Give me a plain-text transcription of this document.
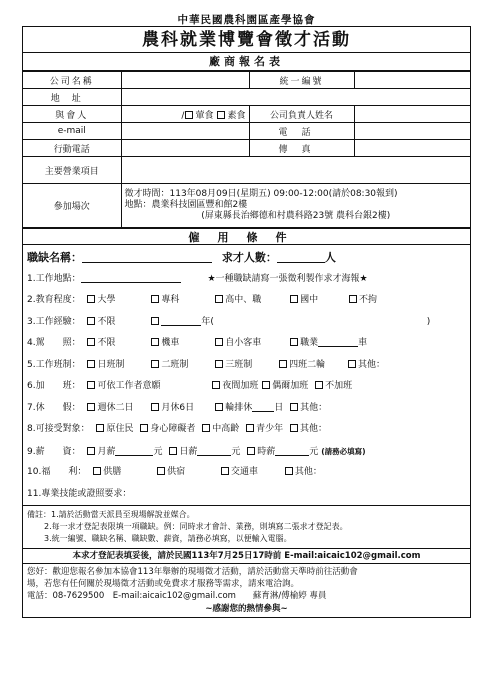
中華民國農科園區產學協會
農科就業博覽會徵才活動
廠商報名表
公司名稱		統一編號	
地址			
與會人	/ 葷食 素食	公司負責人姓名	
e-mail		電話	
行動電話		傳真	
主要營業項目			
參加場次	徵才時間：113年08月09日(星期五) 09:00-12:00(請於08:30報到)
地點：農業科技園區豐和館2樓
(屏東縣長治鄉德和村農科路23號 農科台銀2樓)		
僱用條件
職缺名稱：	求才人數：	人
1.工作地點：	★一種職缺請寫一張徵利製作求才海報★
2.教育程度： 大學	專科	高中、職	國中	不拘
3.工作經驗： 不限	年(	)
4.駕　　照： 不限	機車	自小客車	職業	車
5.工作班制： 日班制	二班制	三班制	四班二輪	其他：
6.加　　班： 可依工作者意願	夜間加班 偶爾加班 不加班
7.休　　假： 週休二日	月休6日	輪排休 日 其他：
8.可接受對象： 原住民 身心障礙者 中高齡 青少年 其他：
9.薪　　資： 月薪	元 日薪	元 時薪	元 (請務必填寫)
10.福　　利： 供膳	供宿	交通車	其他：
11.專業技能或證照要求：
備註：1.請於活動當天派員至現場解說並媒合。
2.每一求才登記表限填一項職缺。例：同時求才會計、業務，則填寫二張求才登記表。
3.統一編號、職缺名稱、職缺數、薪資，請務必填寫，以便輸入電腦。
本求才登記表填妥後，請於民國113年7月25日17時前 E-mail:aicaic102@gmail.com
您好：歡迎您報名參加本協會113年舉辦的現場徵才活動，請於活動當天準時前往活動會
場，若您有任何關於現場徵才活動或免費求才服務等需求，請來電洽詢。
電話：08-7629500　E-mail:aicaic102@gmail.com　　蘇育淋/傅榆婷 專員
~感謝您的熱情參與~
